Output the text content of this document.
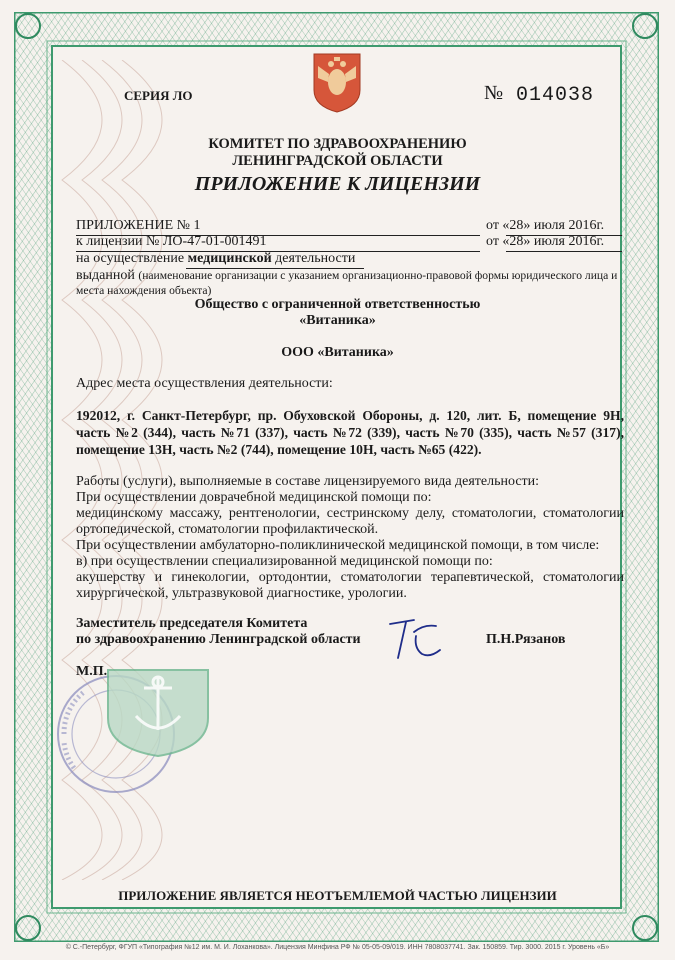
СЕРИЯ ЛО	№ 014038
КОМИТЕТ ПО ЗДРАВООХРАНЕНИЮ
ЛЕНИНГРАДСКОЙ ОБЛАСТИ
ПРИЛОЖЕНИЕ К ЛИЦЕНЗИИ
ПРИЛОЖЕНИЕ № 1	от «28» июля 2016г.
к лицензии № ЛО-47-01-001491	от «28» июля 2016г.
на осуществление медицинской деятельности
выданной (наименование организации с указанием организационно-правовой формы юридического лица и
места нахождения объекта)
Общество с ограниченной ответственностью
«Витаника»
ООО «Витаника»
Адрес места осуществления деятельности:
192012, г. Санкт-Петербург, пр. Обуховской Обороны, д. 120, лит. Б, помещение 9Н,
часть №2 (344), часть №71 (337), часть №72 (339), часть №70 (335), часть №57 (317),
помещение 13Н, часть №2 (744), помещение 10Н, часть №65 (422).
Работы (услуги), выполняемые в составе лицензируемого вида деятельности:
При осуществлении доврачебной медицинской помощи по:
медицинскому массажу, рентгенологии, сестринскому делу, стоматологии, стоматологии
ортопедической, стоматологии профилактической.
При осуществлении амбулаторно-поликлинической медицинской помощи, в том числе:
в) при осуществлении специализированной медицинской помощи по:
акушерству и гинекологии, ортодонтии, стоматологии терапевтической, стоматологии
хирургической, ультразвуковой диагностике, урологии.
Заместитель председателя Комитета
по здравоохранению Ленинградской области	П.Н.Рязанов
М.П.
ПРИЛОЖЕНИЕ ЯВЛЯЕТСЯ НЕОТЪЕМЛЕМОЙ ЧАСТЬЮ ЛИЦЕНЗИИ
© С.-Петербург, ФГУП «Типография №12 им. М. И. Лоханкова». Лицензия Минфина РФ № 05-05-09/019. ИНН 7808037741. Зак. 150859. Тир. 3000. 2015 г. Уровень «Б»
